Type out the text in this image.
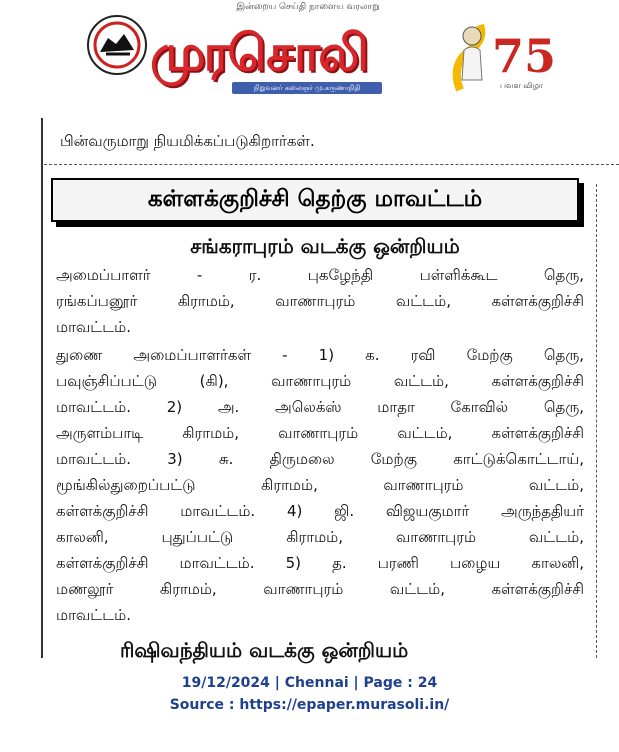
இன்றைய செய்தி நாளைய வரலாறு
முரசொலி
நிறுவனர் கலைஞர் மு.கருணாநிதி
75
பவள விழா
பின்வருமாறு நியமிக்கப்படுகிறார்கள்.
கள்ளக்குறிச்சி தெற்கு மாவட்டம்
சங்கராபுரம் வடக்கு ஒன்றியம்
அமைப்பாளர் - ர. புகழேந்தி பள்ளிக்கூட தெரு,
ரங்கப்பனூர் கிராமம், வாணாபுரம் வட்டம், கள்ளக்குறிச்சி
மாவட்டம்.
துணை அமைப்பாளர்கள் - 1) க. ரவி மேற்கு தெரு,
பவுஞ்சிப்பட்டு (கி), வாணாபுரம் வட்டம், கள்ளக்குறிச்சி
மாவட்டம். 2) அ. அலெக்ஸ் மாதா கோவில் தெரு,
அருளம்பாடி கிராமம், வாணாபுரம் வட்டம், கள்ளக்குறிச்சி
மாவட்டம். 3) சு. திருமலை மேற்கு காட்டுக்கொட்டாய்,
மூங்கில்துறைப்பட்டு கிராமம், வாணாபுரம் வட்டம்,
கள்ளக்குறிச்சி மாவட்டம். 4) ஜி. விஜயகுமார் அருந்ததியர்
காலனி, புதுப்பட்டு கிராமம், வாணாபுரம் வட்டம்,
கள்ளக்குறிச்சி மாவட்டம். 5) த. பரணி பழைய காலனி,
மணலூர் கிராமம், வாணாபுரம் வட்டம், கள்ளக்குறிச்சி
மாவட்டம்.
ரிஷிவந்தியம் வடக்கு ஒன்றியம்
19/12/2024 | Chennai | Page : 24
Source : https://epaper.murasoli.in/
